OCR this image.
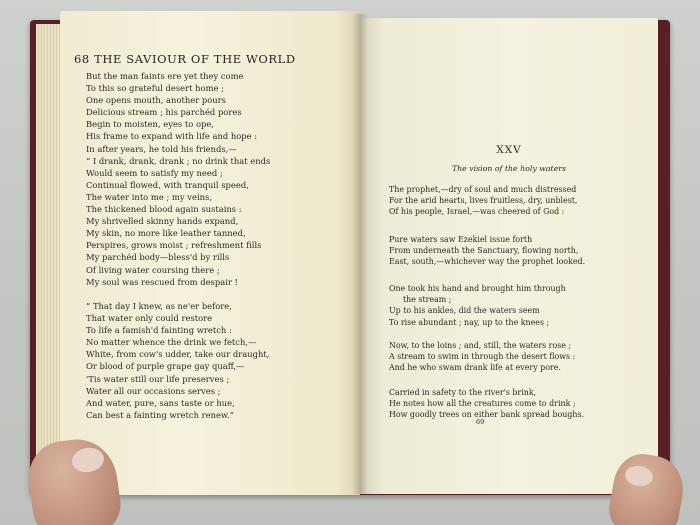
68 THE SAVIOUR OF THE WORLD
But the man faints ere yet they come
To this so grateful desert home ;
One opens mouth, another pours
Delicious stream ; his parchéd pores
Begin to moisten, eyes to ope,
His frame to expand with life and hope :
In after years, he told his friends,—
“ I drank, drank, drank ; no drink that ends
Would seem to satisfy my need ;
Continual flowed, with tranquil speed,
The water into me ; my veins,
The thickened blood again sustains :
My shrivelled skinny hands expand,
My skin, no more like leather tanned,
Perspires, grows moist ; refreshment fills
My parchéd body—bless'd by rills
Of living water coursing there ;
My soul was rescued from despair !
“ That day I knew, as ne'er before,
That water only could restore
To life a famish'd fainting wretch :
No matter whence the drink we fetch,—
White, from cow's udder, take our draught,
Or blood of purple grape gay quaff,—
'Tis water still our life preserves ;
Water all our occasions serves ;
And water, pure, sans taste or hue,
Can best a fainting wretch renew.”
XXV
The vision of the holy waters
The prophet,—dry of soul and much distressed
For the arid hearts, lives fruitless, dry, unblest,
Of his people, Israel,—was cheered of God :
Pure waters saw Ezekiel issue forth
From underneath the Sanctuary, flowing north,
East, south,—whichever way the prophet looked.
One took his hand and brought him through
the stream ;
Up to his ankles, did the waters seem
To rise abundant ; nay, up to the knees ;
Now, to the loins ; and, still, the waters rose ;
A stream to swim in through the desert flows :
And he who swam drank life at every pore.
Carried in safety to the river's brink,
He notes how all the creatures come to drink ;
How goodly trees on either bank spread boughs.
69
